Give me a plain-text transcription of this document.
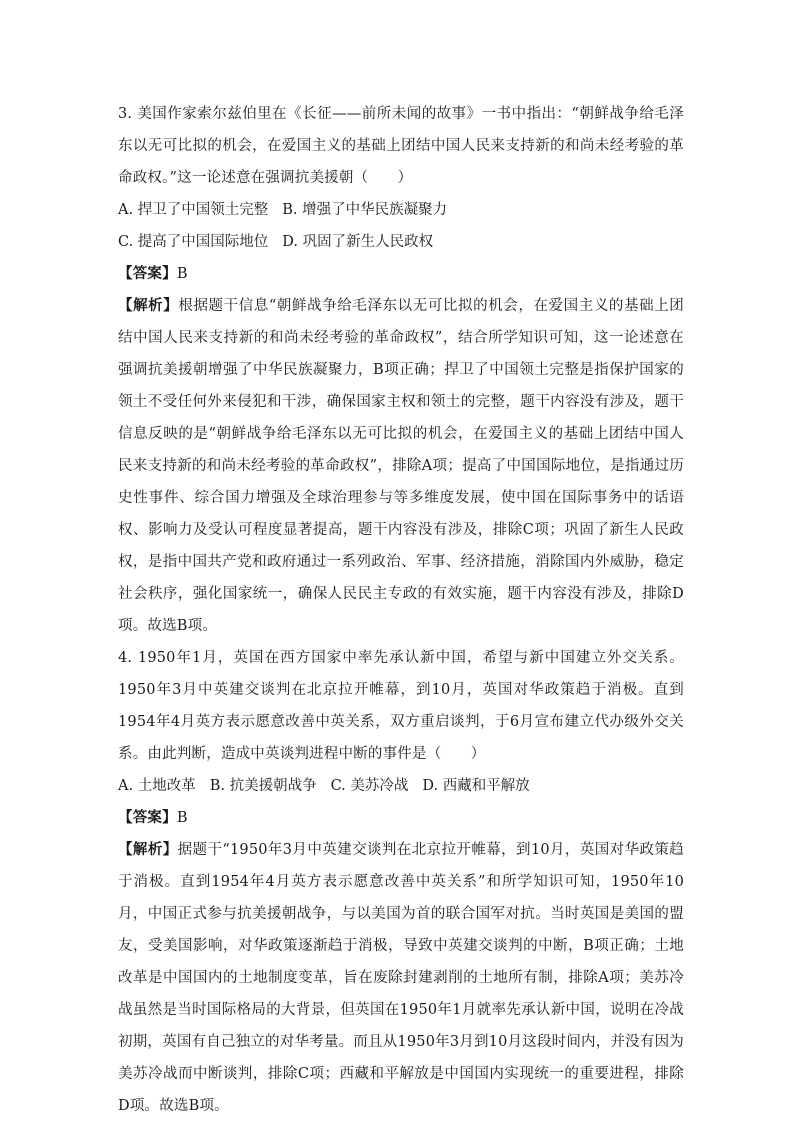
3. 美国作家索尔兹伯里在《长征——前所未闻的故事》一书中指出：“朝鲜战争给毛泽东以无可比拟的机会，在爱国主义的基础上团结中国人民来支持新的和尚未经考验的革命政权。”这一论述意在强调抗美援朝（　　）

A. 捍卫了中国领土完整 B. 增强了中华民族凝聚力
C. 提高了中国国际地位 D. 巩固了新生人民政权

【答案】B

【解析】根据题干信息“朝鲜战争给毛泽东以无可比拟的机会，在爱国主义的基础上团结中国人民来支持新的和尚未经考验的革命政权”，结合所学知识可知，这一论述意在强调抗美援朝增强了中华民族凝聚力，B项正确；捍卫了中国领土完整是指保护国家的领土不受任何外来侵犯和干涉，确保国家主权和领土的完整，题干内容没有涉及，题干信息反映的是“朝鲜战争给毛泽东以无可比拟的机会，在爱国主义的基础上团结中国人民来支持新的和尚未经考验的革命政权”，排除A项；提高了中国国际地位，是指通过历史性事件、综合国力增强及全球治理参与等多维度发展，使中国在国际事务中的话语权、影响力及受认可程度显著提高，题干内容没有涉及，排除C项；巩固了新生人民政权，是指中国共产党和政府通过一系列政治、军事、经济措施，消除国内外威胁，稳定社会秩序，强化国家统一，确保人民民主专政的有效实施，题干内容没有涉及，排除D项。故选B项。

4. 1950年1月，英国在西方国家中率先承认新中国，希望与新中国建立外交关系。1950年3月中英建交谈判在北京拉开帷幕，到10月，英国对华政策趋于消极。直到1954年4月英方表示愿意改善中英关系，双方重启谈判，于6月宣布建立代办级外交关系。由此判断，造成中英谈判进程中断的事件是（　　）

A. 土地改革 B. 抗美援朝战争 C. 美苏冷战 D. 西藏和平解放

【答案】B

【解析】据题干“1950年3月中英建交谈判在北京拉开帷幕，到10月，英国对华政策趋于消极。直到1954年4月英方表示愿意改善中英关系”和所学知识可知，1950年10月，中国正式参与抗美援朝战争，与以美国为首的联合国军对抗。当时英国是美国的盟友，受美国影响，对华政策逐渐趋于消极，导致中英建交谈判的中断，B项正确；土地改革是中国国内的土地制度变革，旨在废除封建剥削的土地所有制，排除A项；美苏冷战虽然是当时国际格局的大背景，但英国在1950年1月就率先承认新中国，说明在冷战初期，英国有自己独立的对华考量。而且从1950年3月到10月这段时间内，并没有因为美苏冷战而中断谈判，排除C项；西藏和平解放是中国国内实现统一的重要进程，排除D项。故选B项。
